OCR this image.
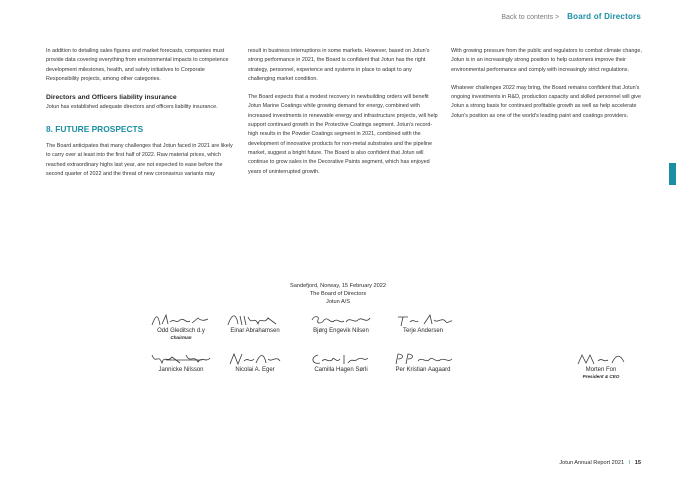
Back to contents > Board of Directors

In addition to detailing sales figures and market forecasts, companies must provide data covering everything from environmental impacts to competence development milestones, health, and safety initiatives to Corporate Responsibility projects, among other categories.

Directors and Officers liability insurance

Jotun has established adequate directors and officers liability insurance.

8. FUTURE PROSPECTS

The Board anticipates that many challenges that Jotun faced in 2021 are likely to carry over at least into the first half of 2022. Raw material prices, which reached extraordinary highs last year, are not expected to ease before the second quarter of 2022 and the threat of new coronavirus variants may

result in business interruptions in some markets. However, based on Jotun's strong performance in 2021, the Board is confident that Jotun has the right strategy, personnel, experience and systems in place to adapt to any challenging market condition.

The Board expects that a modest recovery in newbuilding orders will benefit Jotun Marine Coatings while growing demand for energy, combined with increased investments in renewable energy and infrastructure projects, will help support continued growth in the Protective Coatings segment. Jotun's record-high results in the Powder Coatings segment in 2021, combined with the development of innovative products for non-metal substrates and the pipeline market, suggest a bright future. The Board is also confident that Jotun will continue to grow sales in the Decorative Paints segment, which has enjoyed years of uninterrupted growth.

With growing pressure from the public and regulators to combat climate change, Jotun is in an increasingly strong position to help customers improve their environmental performance and comply with increasingly strict regulations.

Whatever challenges 2022 may bring, the Board remains confident that Jotun's ongoing investments in R&D, production capacity and skilled personnel will give Jotun a strong basis for continued profitable growth as well as help accelerate Jotun's position as one of the world's leading paint and coatings providers.

Sandefjord, Norway, 15 February 2022
The Board of Directors
Jotun A/S
Odd Gleditsch d.y
Chairman
Einar Abrahamsen	Bjørg Engevik Nilsen	Terje Andersen
Jannicke Nilsson	Nicolai A. Eger	Camilla Hagen Sørli	Per Kristian Aagaard	Morten Fon
President & CEO
Jotun Annual Report 2021 I 15
